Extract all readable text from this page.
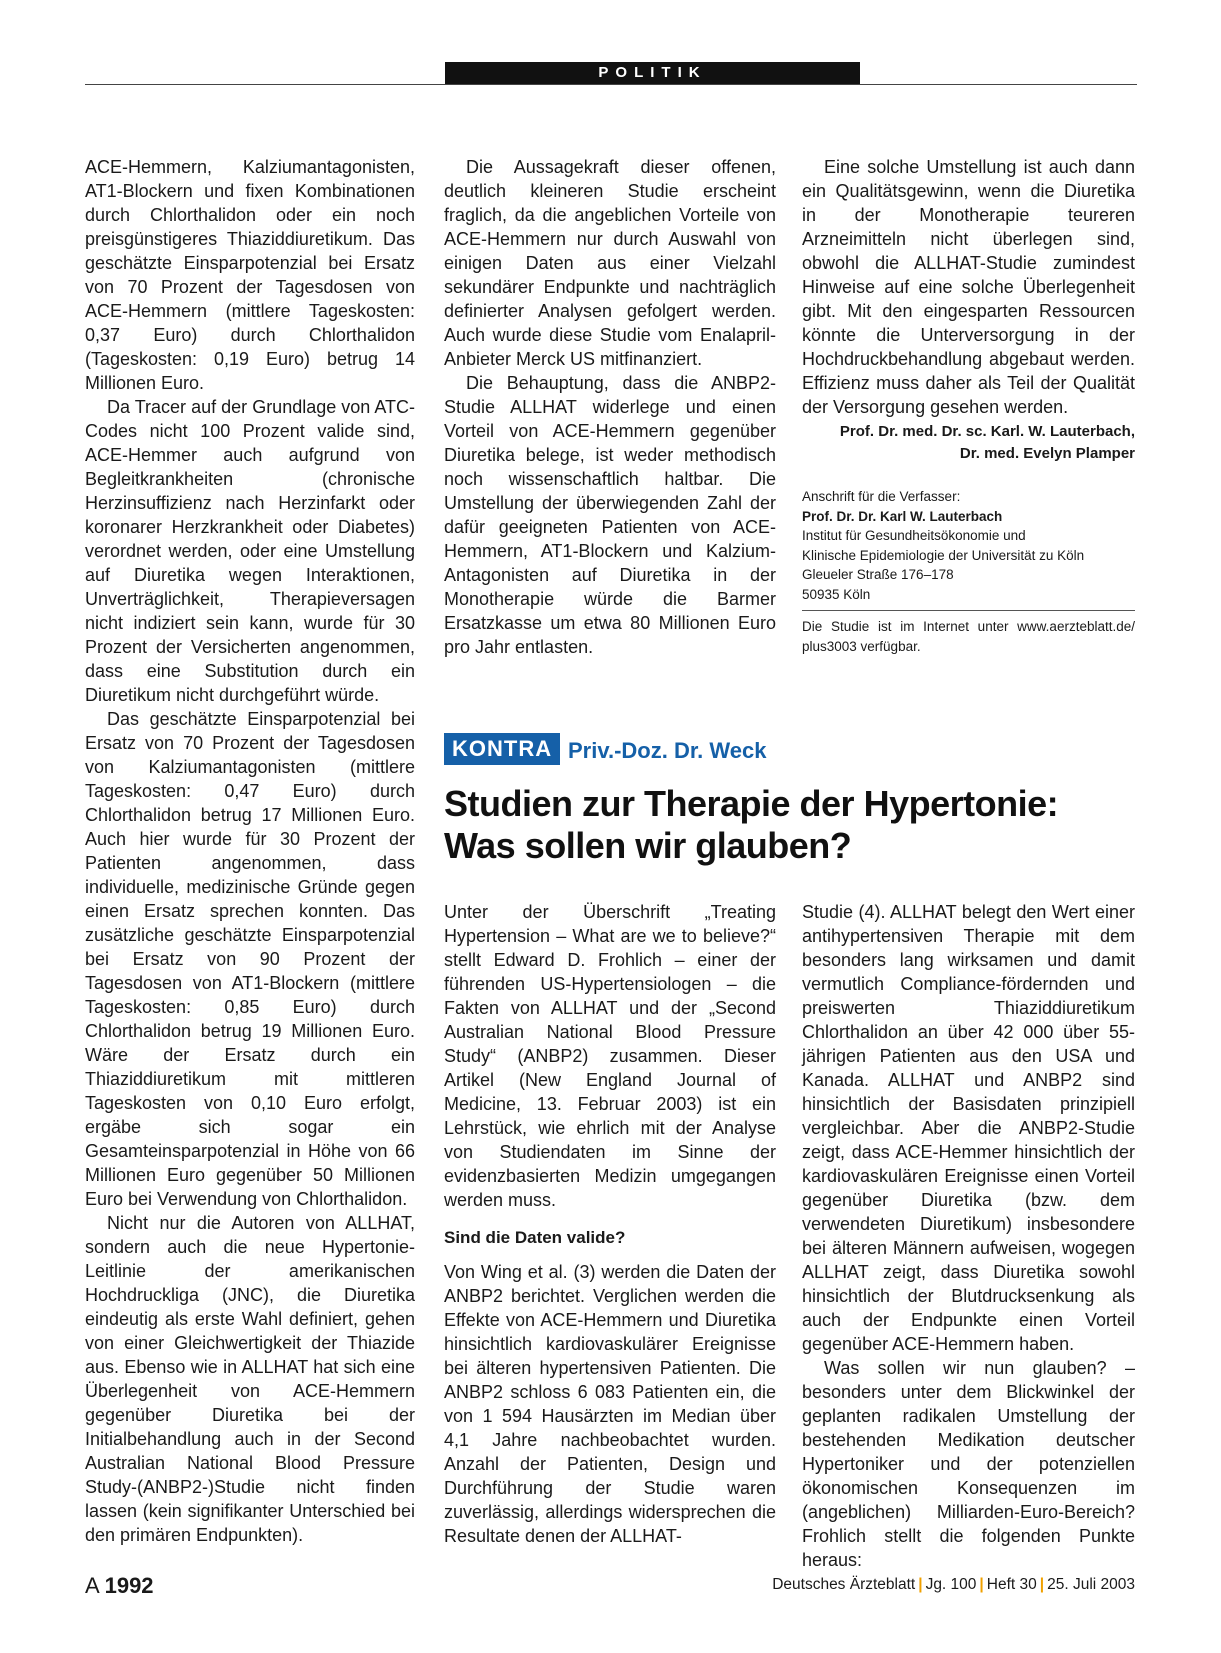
POLITIK

ACE-Hemmern, Kalziumantagonisten, AT1-Blockern und fixen Kombinationen durch Chlorthalidon oder ein noch preisgünstigeres Thiaziddiuretikum. Das geschätzte Einsparpotenzial bei Ersatz von 70 Prozent der Tagesdosen von ACE-Hemmern (mittlere Tageskosten: 0,37 Euro) durch Chlorthalidon (Tageskosten: 0,19 Euro) betrug 14 Millionen Euro.

Da Tracer auf der Grundlage von ATC-Codes nicht 100 Prozent valide sind, ACE-Hemmer auch aufgrund von Begleitkrankheiten (chronische Herzinsuffizienz nach Herzinfarkt oder koronarer Herzkrankheit oder Diabetes) verordnet werden, oder eine Umstellung auf Diuretika wegen Interaktionen, Unverträglichkeit, Therapieversagen nicht indiziert sein kann, wurde für 30 Prozent der Versicherten angenommen, dass eine Substitution durch ein Diuretikum nicht durchgeführt würde.

Das geschätzte Einsparpotenzial bei Ersatz von 70 Prozent der Tagesdosen von Kalziumantagonisten (mittlere Tageskosten: 0,47 Euro) durch Chlorthalidon betrug 17 Millionen Euro. Auch hier wurde für 30 Prozent der Patienten angenommen, dass individuelle, medizinische Gründe gegen einen Ersatz sprechen konnten. Das zusätzliche geschätzte Einsparpotenzial bei Ersatz von 90 Prozent der Tagesdosen von AT1-Blockern (mittlere Tageskosten: 0,85 Euro) durch Chlorthalidon betrug 19 Millionen Euro. Wäre der Ersatz durch ein Thiaziddiuretikum mit mittleren Tageskosten von 0,10 Euro erfolgt, ergäbe sich sogar ein Gesamteinsparpotenzial in Höhe von 66 Millionen Euro gegenüber 50 Millionen Euro bei Verwendung von Chlorthalidon.

Nicht nur die Autoren von ALLHAT, sondern auch die neue Hypertonie-Leitlinie der amerikanischen Hochdruckliga (JNC), die Diuretika eindeutig als erste Wahl definiert, gehen von einer Gleichwertigkeit der Thiazide aus. Ebenso wie in ALLHAT hat sich eine Überlegenheit von ACE-Hemmern gegenüber Diuretika bei der Initialbehandlung auch in der Second Australian National Blood Pressure Study-(ANBP2-)Studie nicht finden lassen (kein signifikanter Unterschied bei den primären Endpunkten).

Die Aussagekraft dieser offenen, deutlich kleineren Studie erscheint fraglich, da die angeblichen Vorteile von ACE-Hemmern nur durch Auswahl von einigen Daten aus einer Vielzahl sekundärer Endpunkte und nachträglich definierter Analysen gefolgert werden. Auch wurde diese Studie vom Enalapril-Anbieter Merck US mitfinanziert.

Die Behauptung, dass die ANBP2-Studie ALLHAT widerlege und einen Vorteil von ACE-Hemmern gegenüber Diuretika belege, ist weder methodisch noch wissenschaftlich haltbar. Die Umstellung der überwiegenden Zahl der dafür geeigneten Patienten von ACE-Hemmern, AT1-Blockern und Kalzium-Antagonisten auf Diuretika in der Monotherapie würde die Barmer Ersatzkasse um etwa 80 Millionen Euro pro Jahr entlasten.

Eine solche Umstellung ist auch dann ein Qualitätsgewinn, wenn die Diuretika in der Monotherapie teureren Arzneimitteln nicht überlegen sind, obwohl die ALLHAT-Studie zumindest Hinweise auf eine solche Überlegenheit gibt. Mit den eingesparten Ressourcen könnte die Unterversorgung in der Hochdruckbehandlung abgebaut werden. Effizienz muss daher als Teil der Qualität der Versorgung gesehen werden.

Prof. Dr. med. Dr. sc. Karl. W. Lauterbach,
Dr. med. Evelyn Plamper
Anschrift für die Verfasser:
Prof. Dr. Dr. Karl W. Lauterbach
Institut für Gesundheitsökonomie und
Klinische Epidemiologie der Universität zu Köln
Gleueler Straße 176–178
50935 Köln
Die Studie ist im Internet unter www.aerzteblatt.de/ plus3003 verfügbar.
KONTRA Priv.-Doz. Dr. Weck
Studien zur Therapie der Hypertonie:
Was sollen wir glauben?

Unter der Überschrift „Treating Hypertension – What are we to believe?“ stellt Edward D. Frohlich – einer der führenden US-Hypertensiologen – die Fakten von ALLHAT und der „Second Australian National Blood Pressure Study“ (ANBP2) zusammen. Dieser Artikel (New England Journal of Medicine, 13. Februar 2003) ist ein Lehrstück, wie ehrlich mit der Analyse von Studiendaten im Sinne der evidenzbasierten Medizin umgegangen werden muss.

Sind die Daten valide?

Von Wing et al. (3) werden die Daten der ANBP2 berichtet. Verglichen werden die Effekte von ACE-Hemmern und Diuretika hinsichtlich kardiovaskulärer Ereignisse bei älteren hypertensiven Patienten. Die ANBP2 schloss 6 083 Patienten ein, die von 1 594 Hausärzten im Median über 4,1 Jahre nachbeobachtet wurden. Anzahl der Patienten, Design und Durchführung der Studie waren zuverlässig, allerdings widersprechen die Resultate denen der ALLHAT-

Studie (4). ALLHAT belegt den Wert einer antihypertensiven Therapie mit dem besonders lang wirksamen und damit vermutlich Compliance-fördernden und preiswerten Thiaziddiuretikum Chlorthalidon an über 42 000 über 55-jährigen Patienten aus den USA und Kanada. ALLHAT und ANBP2 sind hinsichtlich der Basisdaten prinzipiell vergleichbar. Aber die ANBP2-Studie zeigt, dass ACE-Hemmer hinsichtlich der kardiovaskulären Ereignisse einen Vorteil gegenüber Diuretika (bzw. dem verwendeten Diuretikum) insbesondere bei älteren Männern aufweisen, wogegen ALLHAT zeigt, dass Diuretika sowohl hinsichtlich der Blutdrucksenkung als auch der Endpunkte einen Vorteil gegenüber ACE-Hemmern haben.

Was sollen wir nun glauben? – besonders unter dem Blickwinkel der geplanten radikalen Umstellung der bestehenden Medikation deutscher Hypertoniker und der potenziellen ökonomischen Konsequenzen im (angeblichen) Milliarden-Euro-Bereich? Frohlich stellt die folgenden Punkte heraus:

A 1992	Deutsches Ärzteblatt | Jg. 100 | Heft 30 | 25. Juli 2003
